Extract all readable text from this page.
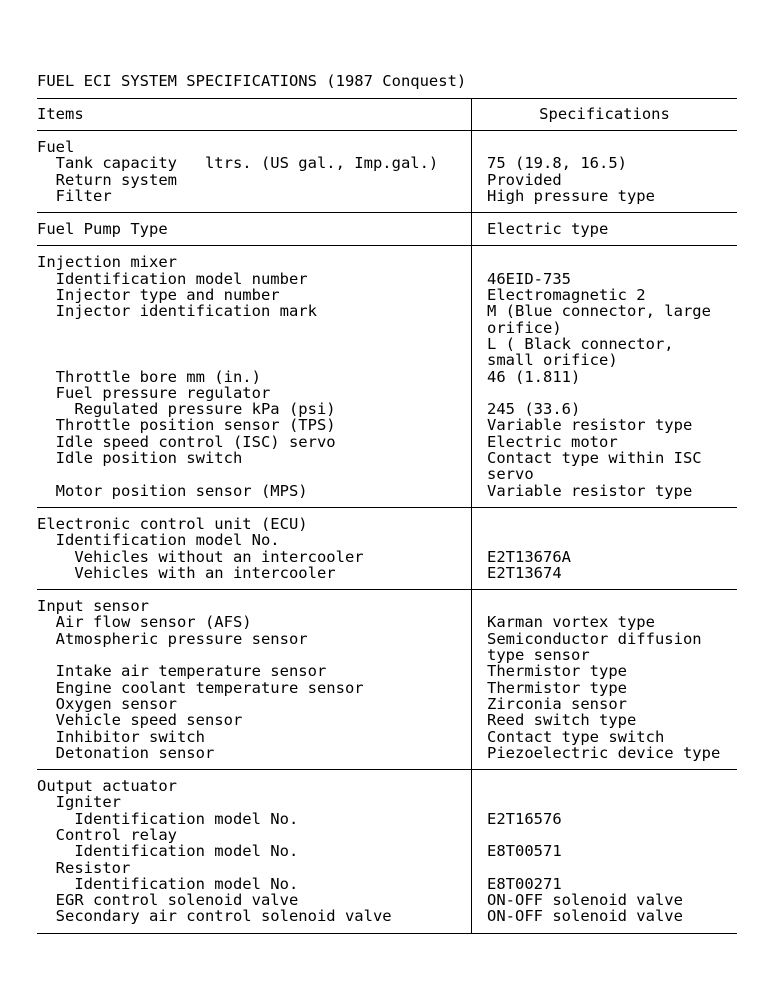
FUEL ECI SYSTEM SPECIFICATIONS (1987 Conquest)
Items	Specifications
Fuel
Tank capacity   ltrs. (US gal., Imp.gal.)
Return system
Filter
75 (19.8, 16.5)
Provided
High pressure type
Fuel Pump Type	Electric type
Injection mixer
Identification model number
Injector type and number
Injector identification mark
Throttle bore mm (in.)
Fuel pressure regulator
Regulated pressure kPa (psi)
Throttle position sensor (TPS)
Idle speed control (ISC) servo
Idle position switch
Motor position sensor (MPS)
46EID-735
Electromagnetic 2
M (Blue connector, large
orifice)
L ( Black connector,
small orifice)
46 (1.811)
245 (33.6)
Variable resistor type
Electric motor
Contact type within ISC
servo
Variable resistor type
Electronic control unit (ECU)
Identification model No.
Vehicles without an intercooler
Vehicles with an intercooler
E2T13676A
E2T13674
Input sensor
Air flow sensor (AFS)
Atmospheric pressure sensor
Intake air temperature sensor
Engine coolant temperature sensor
Oxygen sensor
Vehicle speed sensor
Inhibitor switch
Detonation sensor
Karman vortex type
Semiconductor diffusion
type sensor
Thermistor type
Thermistor type
Zirconia sensor
Reed switch type
Contact type switch
Piezoelectric device type
Output actuator
Igniter
Identification model No.
Control relay
Identification model No.
Resistor
Identification model No.
EGR control solenoid valve
Secondary air control solenoid valve
E2T16576
E8T00571
E8T00271
ON-OFF solenoid valve
ON-OFF solenoid valve
